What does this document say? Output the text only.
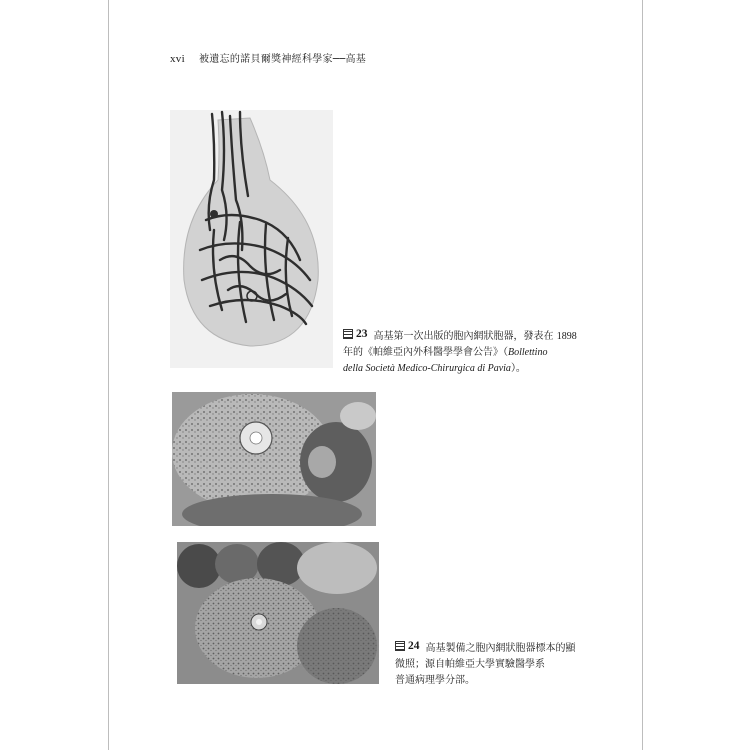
xvi 被遺忘的諾貝爾獎神經科學家──高基
23 高基第一次出版的胞內網狀胞器，發表在 1898
年的《帕維亞內外科醫學學會公告》（Bollettino
della Società Medico-Chirurgica di Pavia）。
24 高基製備之胞內網狀胞器標本的顯
微照；源自帕維亞大學實驗醫學系
普通病理學分部。
